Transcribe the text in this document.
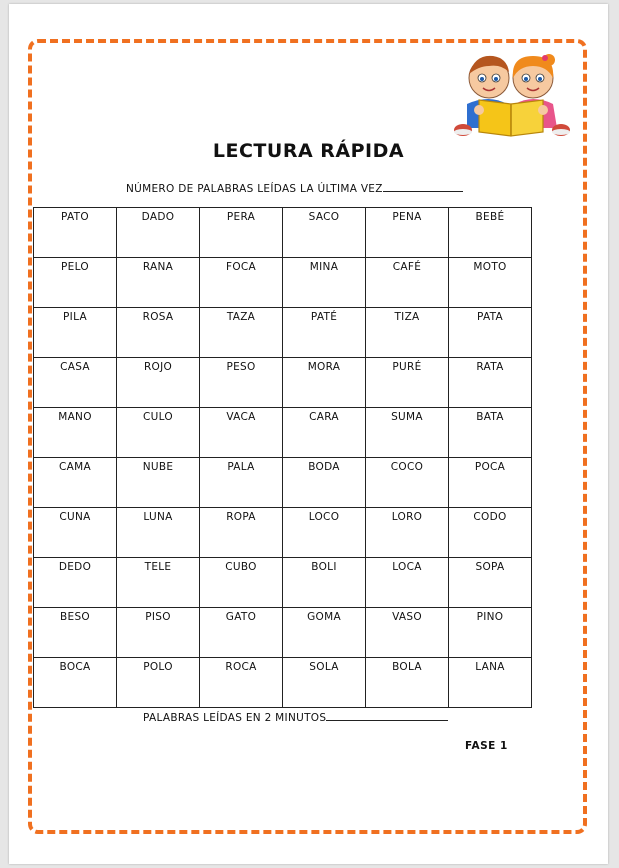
LECTURA RÁPIDA
NÚMERO DE PALABRAS LEÍDAS LA ÚLTIMA VEZ
PATO	DADO	PERA	SACO	PENA	BEBÉ
PELO	RANA	FOCA	MINA	CAFÉ	MOTO
PILA	ROSA	TAZA	PATÉ	TIZA	PATA
CASA	ROJO	PESO	MORA	PURÉ	RATA
MANO	CULO	VACA	CARA	SUMA	BATA
CAMA	NUBE	PALA	BODA	COCO	POCA
CUNA	LUNA	ROPA	LOCO	LORO	CODO
DEDO	TELE	CUBO	BOLI	LOCA	SOPA
BESO	PISO	GATO	GOMA	VASO	PINO
BOCA	POLO	ROCA	SOLA	BOLA	LANA
PALABRAS LEÍDAS EN 2 MINUTOS
FASE 1
